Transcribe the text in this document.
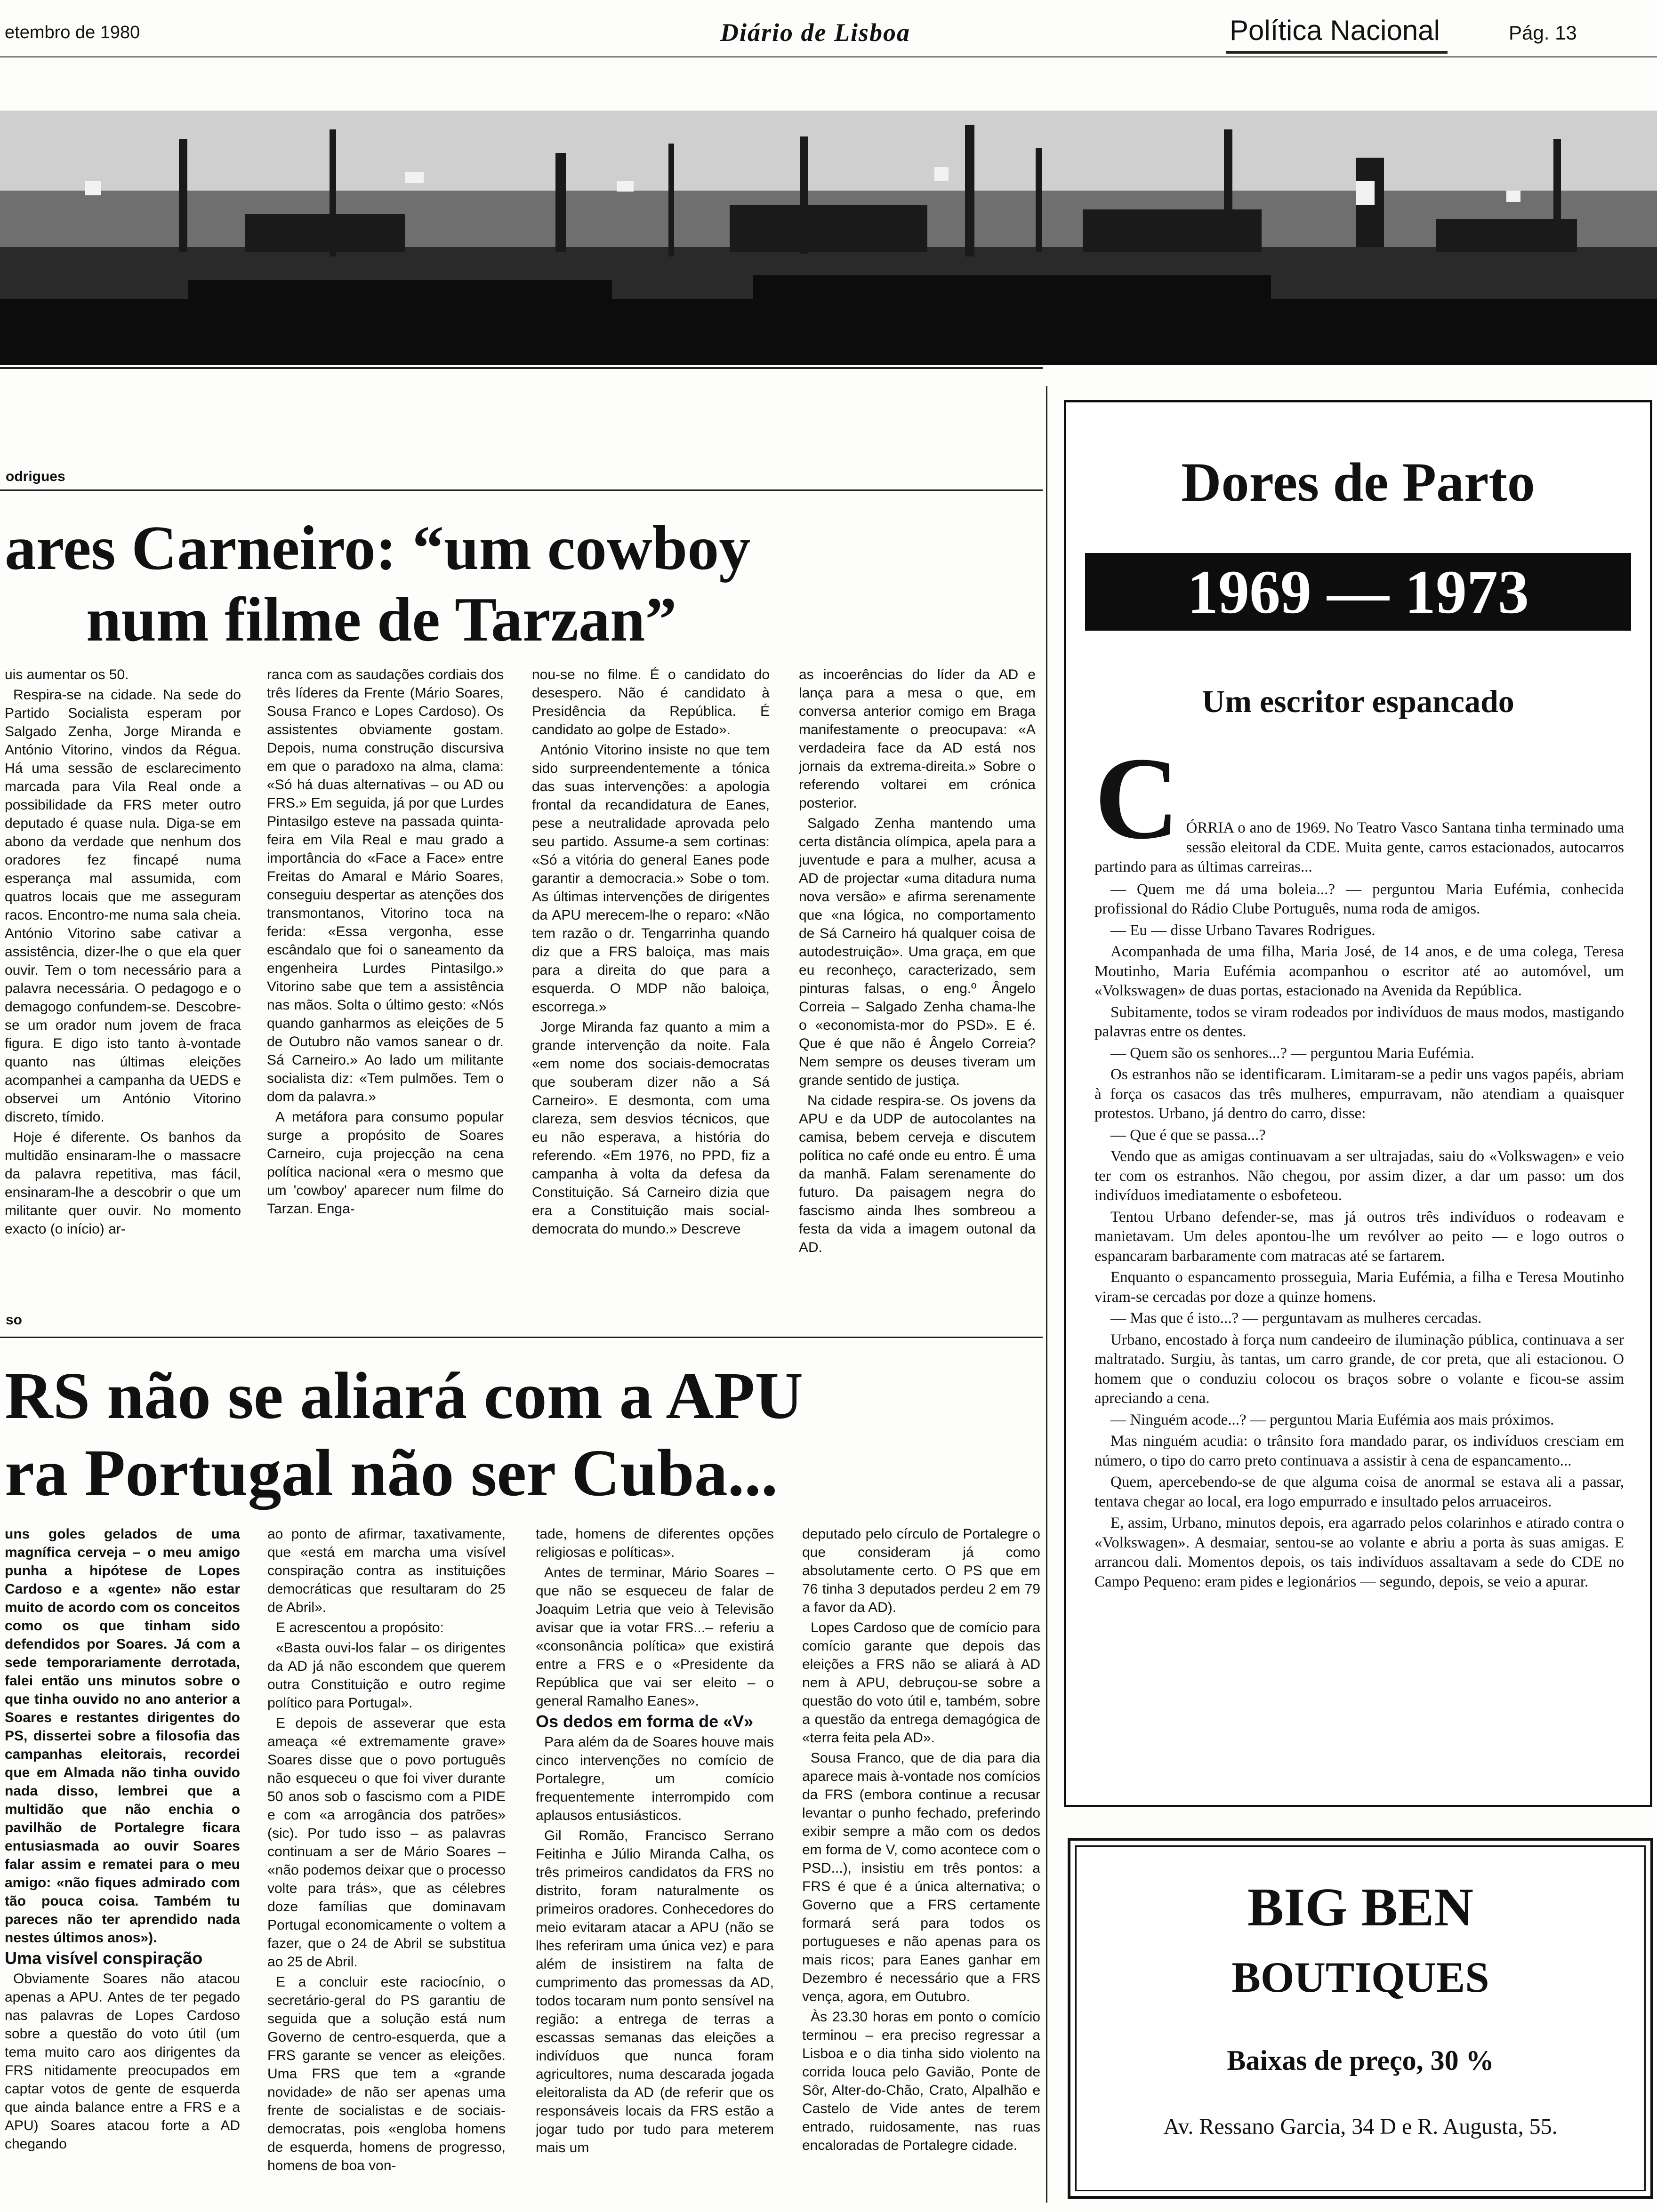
etembro de 1980	Diário de Lisboa	Política Nacional	Pág. 13
odrigues
ares Carneiro: “um cowboy
num filme de Tarzan”

uis aumentar os 50.

Respira-se na cidade. Na sede do Partido Socialista esperam por Salgado Zenha, Jorge Miranda e António Vitorino, vindos da Régua. Há uma sessão de esclarecimento marcada para Vila Real onde a possibilidade da FRS meter outro deputado é quase nula. Diga-se em abono da verdade que nenhum dos oradores fez fincapé numa esperança mal assumida, com quatros locais que me asseguram racos. Encontro-me numa sala cheia. António Vitorino sabe cativar a assistência, dizer-lhe o que ela quer ouvir. Tem o tom necessário para a palavra necessária. O pedagogo e o demagogo confundem-se. Descobre-se um orador num jovem de fraca figura. E digo isto tanto à-vontade quanto nas últimas eleições acompanhei a campanha da UEDS e observei um António Vitorino discreto, tímido.

Hoje é diferente. Os banhos da multidão ensinaram-lhe o massacre da palavra repetitiva, mas fácil, ensinaram-lhe a descobrir o que um militante quer ouvir. No momento exacto (o início) ar-

ranca com as saudações cordiais dos três líderes da Frente (Mário Soares, Sousa Franco e Lopes Cardoso). Os assistentes obviamente gostam. Depois, numa construção discursiva em que o paradoxo na alma, clama: «Só há duas alternativas – ou AD ou FRS.» Em seguida, já por que Lurdes Pintasilgo esteve na passada quinta-feira em Vila Real e mau grado a importância do «Face a Face» entre Freitas do Amaral e Mário Soares, conseguiu despertar as atenções dos transmontanos, Vitorino toca na ferida: «Essa vergonha, esse escândalo que foi o saneamento da engenheira Lurdes Pintasilgo.» Vitorino sabe que tem a assistência nas mãos. Solta o último gesto: «Nós quando ganharmos as eleições de 5 de Outubro não vamos sanear o dr. Sá Carneiro.» Ao lado um militante socialista diz: «Tem pulmões. Tem o dom da palavra.»

A metáfora para consumo popular surge a propósito de Soares Carneiro, cuja projecção na cena política nacional «era o mesmo que um 'cowboy' aparecer num filme do Tarzan. Enga-

nou-se no filme. É o candidato do desespero. Não é candidato à Presidência da República. É candidato ao golpe de Estado».

António Vitorino insiste no que tem sido surpreendentemente a tónica das suas intervenções: a apologia frontal da recandidatura de Eanes, pese a neutralidade aprovada pelo seu partido. Assume-a sem cortinas: «Só a vitória do general Eanes pode garantir a democracia.» Sobe o tom. As últimas intervenções de dirigentes da APU merecem-lhe o reparo: «Não tem razão o dr. Tengarrinha quando diz que a FRS baloiça, mas mais para a direita do que para a esquerda. O MDP não baloiça, escorrega.»

Jorge Miranda faz quanto a mim a grande intervenção da noite. Fala «em nome dos sociais-democratas que souberam dizer não a Sá Carneiro». E desmonta, com uma clareza, sem desvios técnicos, que eu não esperava, a história do referendo. «Em 1976, no PPD, fiz a campanha à volta da defesa da Constituição. Sá Carneiro dizia que era a Constituição mais social-democrata do mundo.» Descreve

as incoerências do líder da AD e lança para a mesa o que, em conversa anterior comigo em Braga manifestamente o preocupava: «A verdadeira face da AD está nos jornais da extrema-direita.» Sobre o referendo voltarei em crónica posterior.

Salgado Zenha mantendo uma certa distância olímpica, apela para a juventude e para a mulher, acusa a AD de projectar «uma ditadura numa nova versão» e afirma serenamente que «na lógica, no comportamento de Sá Carneiro há qualquer coisa de autodestruição». Uma graça, em que eu reconheço, caracterizado, sem pinturas falsas, o eng.º Ângelo Correia – Salgado Zenha chama-lhe o «economista-mor do PSD». E é. Que é que não é Ângelo Correia? Nem sempre os deuses tiveram um grande sentido de justiça.

Na cidade respira-se. Os jovens da APU e da UDP de autocolantes na camisa, bebem cerveja e discutem política no café onde eu entro. É uma da manhã. Falam serenamente do futuro. Da paisagem negra do fascismo ainda lhes sombreou a festa da vida a imagem outonal da AD.

so
RS não se aliará com a APU
ra Portugal não ser Cuba...

uns goles gelados de uma magnífica cerveja – o meu amigo punha a hipótese de Lopes Cardoso e a «gente» não estar muito de acordo com os conceitos como os que tinham sido defendidos por Soares. Já com a sede temporariamente derrotada, falei então uns minutos sobre o que tinha ouvido no ano anterior a Soares e restantes dirigentes do PS, dissertei sobre a filosofia das campanhas eleitorais, recordei que em Almada não tinha ouvido nada disso, lembrei que a multidão que não enchia o pavilhão de Portalegre ficara entusiasmada ao ouvir Soares falar assim e rematei para o meu amigo: «não fiques admirado com tão pouca coisa. Também tu pareces não ter aprendido nada nestes últimos anos»).

Uma visível conspiração

Obviamente Soares não atacou apenas a APU. Antes de ter pegado nas palavras de Lopes Cardoso sobre a questão do voto útil (um tema muito caro aos dirigentes da FRS nitidamente preocupados em captar votos de gente de esquerda que ainda balance entre a FRS e a APU) Soares atacou forte a AD chegando

ao ponto de afirmar, taxativamente, que «está em marcha uma visível conspiração contra as instituições democráticas que resultaram do 25 de Abril».

E acrescentou a propósito:

«Basta ouvi-los falar – os dirigentes da AD já não escondem que querem outra Constituição e outro regime político para Portugal».

E depois de asseverar que esta ameaça «é extremamente grave» Soares disse que o povo português não esqueceu o que foi viver durante 50 anos sob o fascismo com a PIDE e com «a arrogância dos patrões» (sic). Por tudo isso – as palavras continuam a ser de Mário Soares – «não podemos deixar que o processo volte para trás», que as célebres doze famílias que dominavam Portugal economicamente o voltem a fazer, que o 24 de Abril se substitua ao 25 de Abril.

E a concluir este raciocínio, o secretário-geral do PS garantiu de seguida que a solução está num Governo de centro-esquerda, que a FRS garante se vencer as eleições. Uma FRS que tem a «grande novidade» de não ser apenas uma frente de socialistas e de sociais-democratas, pois «engloba homens de esquerda, homens de progresso, homens de boa von-

tade, homens de diferentes opções religiosas e políticas».

Antes de terminar, Mário Soares – que não se esqueceu de falar de Joaquim Letria que veio à Televisão avisar que ia votar FRS...– referiu a «consonância política» que existirá entre a FRS e o «Presidente da República que vai ser eleito – o general Ramalho Eanes».

Os dedos em forma de «V»

Para além da de Soares houve mais cinco intervenções no comício de Portalegre, um comício frequentemente interrompido com aplausos entusiásticos.

Gil Romão, Francisco Serrano Feitinha e Júlio Miranda Calha, os três primeiros candidatos da FRS no distrito, foram naturalmente os primeiros oradores. Conhecedores do meio evitaram atacar a APU (não se lhes referiram uma única vez) e para além de insistirem na falta de cumprimento das promessas da AD, todos tocaram num ponto sensível na região: a entrega de terras a escassas semanas das eleições a indivíduos que nunca foram agricultores, numa descarada jogada eleitoralista da AD (de referir que os responsáveis locais da FRS estão a jogar tudo por tudo para meterem mais um

deputado pelo círculo de Portalegre o que consideram já como absolutamente certo. O PS que em 76 tinha 3 deputados perdeu 2 em 79 a favor da AD).

Lopes Cardoso que de comício para comício garante que depois das eleições a FRS não se aliará à AD nem à APU, debruçou-se sobre a questão do voto útil e, também, sobre a questão da entrega demagógica de «terra feita pela AD».

Sousa Franco, que de dia para dia aparece mais à-vontade nos comícios da FRS (embora continue a recusar levantar o punho fechado, preferindo exibir sempre a mão com os dedos em forma de V, como acontece com o PSD...), insistiu em três pontos: a FRS é que é a única alternativa; o Governo que a FRS certamente formará será para todos os portugueses e não apenas para os mais ricos; para Eanes ganhar em Dezembro é necessário que a FRS vença, agora, em Outubro.

Às 23.30 horas em ponto o comício terminou – era preciso regressar a Lisboa e o dia tinha sido violento na corrida louca pelo Gavião, Ponte de Sôr, Alter-do-Chão, Crato, Alpalhão e Castelo de Vide antes de terem entrado, ruidosamente, nas ruas encaloradas de Portalegre cidade.

Dores de Parto
1969 — 1973
Um escritor espancado
C ÓRRIA o ano de 1969. No Teatro Vasco Santana tinha terminado uma sessão eleitoral da CDE. Muita gente, carros estacionados, autocarros partindo para as últimas carreiras...

— Quem me dá uma boleia...? — perguntou Maria Eufémia, conhecida profissional do Rádio Clube Português, numa roda de amigos.

— Eu — disse Urbano Tavares Rodrigues.

Acompanhada de uma filha, Maria José, de 14 anos, e de uma colega, Teresa Moutinho, Maria Eufémia acompanhou o escritor até ao automóvel, um «Volkswagen» de duas portas, estacionado na Avenida da República.

Subitamente, todos se viram rodeados por indivíduos de maus modos, mastigando palavras entre os dentes.

— Quem são os senhores...? — perguntou Maria Eufémia.

Os estranhos não se identificaram. Limitaram-se a pedir uns vagos papéis, abriam à força os casacos das três mulheres, empurravam, não atendiam a quaisquer protestos. Urbano, já dentro do carro, disse:

— Que é que se passa...?

Vendo que as amigas continuavam a ser ultrajadas, saiu do «Volkswagen» e veio ter com os estranhos. Não chegou, por assim dizer, a dar um passo: um dos indivíduos imediatamente o esbofeteou.

Tentou Urbano defender-se, mas já outros três indivíduos o rodeavam e manietavam. Um deles apontou-lhe um revólver ao peito — e logo outros o espancaram barbaramente com matracas até se fartarem.

Enquanto o espancamento prosseguia, Maria Eufémia, a filha e Teresa Moutinho viram-se cercadas por doze a quinze homens.

— Mas que é isto...? — perguntavam as mulheres cercadas.

Urbano, encostado à força num candeeiro de iluminação pública, continuava a ser maltratado. Surgiu, às tantas, um carro grande, de cor preta, que ali estacionou. O homem que o conduziu colocou os braços sobre o volante e ficou-se assim apreciando a cena.

— Ninguém acode...? — perguntou Maria Eufémia aos mais próximos.

Mas ninguém acudia: o trânsito fora mandado parar, os indivíduos cresciam em número, o tipo do carro preto continuava a assistir à cena de espancamento...

Quem, apercebendo-se de que alguma coisa de anormal se estava ali a passar, tentava chegar ao local, era logo empurrado e insultado pelos arruaceiros.

E, assim, Urbano, minutos depois, era agarrado pelos colarinhos e atirado contra o «Volkswagen». A desmaiar, sentou-se ao volante e abriu a porta às suas amigas. E arrancou dali. Momentos depois, os tais indivíduos assaltavam a sede do CDE no Campo Pequeno: eram pides e legionários — segundo, depois, se veio a apurar.

BIG BEN
BOUTIQUES
Baixas de preço, 30 %
Av. Ressano Garcia, 34 D e R. Augusta, 55.
